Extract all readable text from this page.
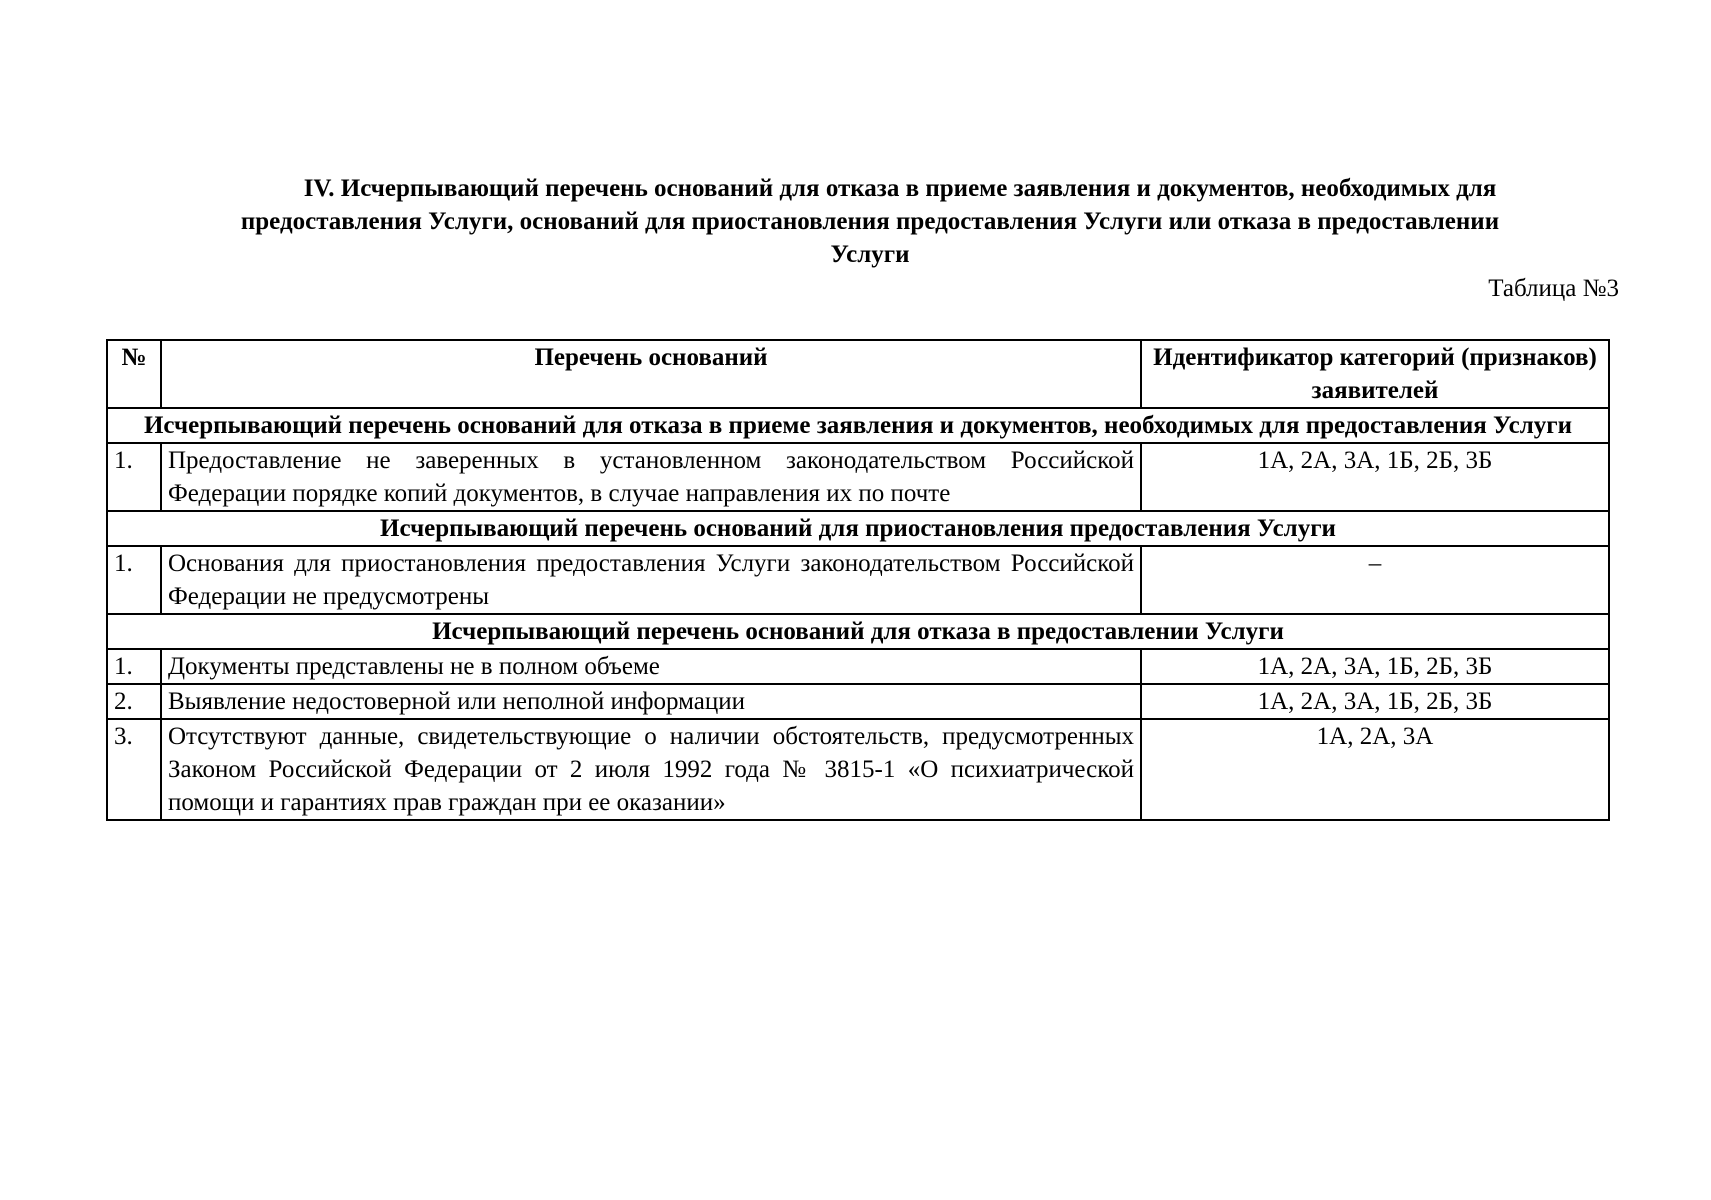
IV. Исчерпывающий перечень оснований для отказа в приеме заявления и документов, необходимых для
предоставления Услуги, оснований для приостановления предоставления Услуги или отказа в предоставлении
Услуги
Таблица №3
№	Перечень оснований	Идентификатор категорий (признаков) заявителей
Исчерпывающий перечень оснований для отказа в приеме заявления и документов, необходимых для предоставления Услуги		
1.	Предоставление не заверенных в установленном законодательством Российской Федерации порядке копий документов, в случае направления их по почте	1А, 2А, 3А, 1Б, 2Б, 3Б
Исчерпывающий перечень оснований для приостановления предоставления Услуги		
1.	Основания для приостановления предоставления Услуги законодательством Российской Федерации не предусмотрены	–
Исчерпывающий перечень оснований для отказа в предоставлении Услуги		
1.	Документы представлены не в полном объеме	1А, 2А, 3А, 1Б, 2Б, 3Б
2.	Выявление недостоверной или неполной информации	1А, 2А, 3А, 1Б, 2Б, 3Б
3.	Отсутствуют данные, свидетельствующие о наличии обстоятельств, предусмотренных Законом Российской Федерации от 2 июля 1992 года № 3815-1 «О психиатрической помощи и гарантиях прав граждан при ее оказании»	1А, 2А, 3А
